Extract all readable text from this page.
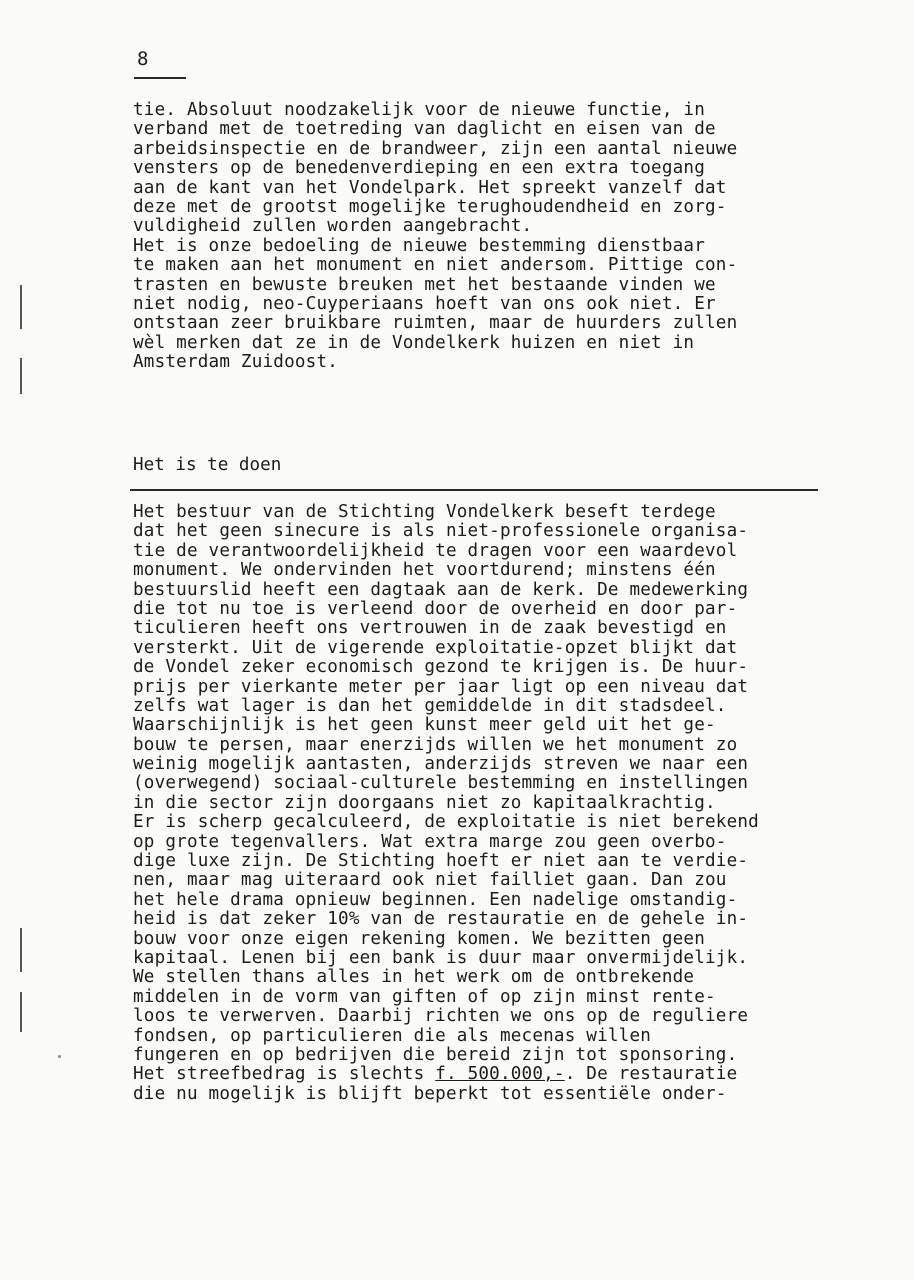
8
tie. Absoluut noodzakelijk voor de nieuwe functie, in
verband met de toetreding van daglicht en eisen van de
arbeidsinspectie en de brandweer, zijn een aantal nieuwe
vensters op de benedenverdieping en een extra toegang
aan de kant van het Vondelpark. Het spreekt vanzelf dat
deze met de grootst mogelijke terughoudendheid en zorg-
vuldigheid zullen worden aangebracht.
Het is onze bedoeling de nieuwe bestemming dienstbaar
te maken aan het monument en niet andersom. Pittige con-
trasten en bewuste breuken met het bestaande vinden we
niet nodig, neo-Cuyperiaans hoeft van ons ook niet. Er
ontstaan zeer bruikbare ruimten, maar de huurders zullen
wèl merken dat ze in de Vondelkerk huizen en niet in
Amsterdam Zuidoost.
Het is te doen
Het bestuur van de Stichting Vondelkerk beseft terdege
dat het geen sinecure is als niet-professionele organisa-
tie de verantwoordelijkheid te dragen voor een waardevol
monument. We ondervinden het voortdurend; minstens één
bestuurslid heeft een dagtaak aan de kerk. De medewerking
die tot nu toe is verleend door de overheid en door par-
ticulieren heeft ons vertrouwen in de zaak bevestigd en
versterkt. Uit de vigerende exploitatie-opzet blijkt dat
de Vondel zeker economisch gezond te krijgen is. De huur-
prijs per vierkante meter per jaar ligt op een niveau dat
zelfs wat lager is dan het gemiddelde in dit stadsdeel.
Waarschijnlijk is het geen kunst meer geld uit het ge-
bouw te persen, maar enerzijds willen we het monument zo
weinig mogelijk aantasten, anderzijds streven we naar een
(overwegend) sociaal-culturele bestemming en instellingen
in die sector zijn doorgaans niet zo kapitaalkrachtig.
Er is scherp gecalculeerd, de exploitatie is niet berekend
op grote tegenvallers. Wat extra marge zou geen overbo-
dige luxe zijn. De Stichting hoeft er niet aan te verdie-
nen, maar mag uiteraard ook niet failliet gaan. Dan zou
het hele drama opnieuw beginnen. Een nadelige omstandig-
heid is dat zeker 10% van de restauratie en de gehele in-
bouw voor onze eigen rekening komen. We bezitten geen
kapitaal. Lenen bij een bank is duur maar onvermijdelijk.
We stellen thans alles in het werk om de ontbrekende
middelen in de vorm van giften of op zijn minst rente-
loos te verwerven. Daarbij richten we ons op de reguliere
fondsen, op particulieren die als mecenas willen
fungeren en op bedrijven die bereid zijn tot sponsoring.
Het streefbedrag is slechts f. 500.000,-. De restauratie
die nu mogelijk is blijft beperkt tot essentiële onder-
